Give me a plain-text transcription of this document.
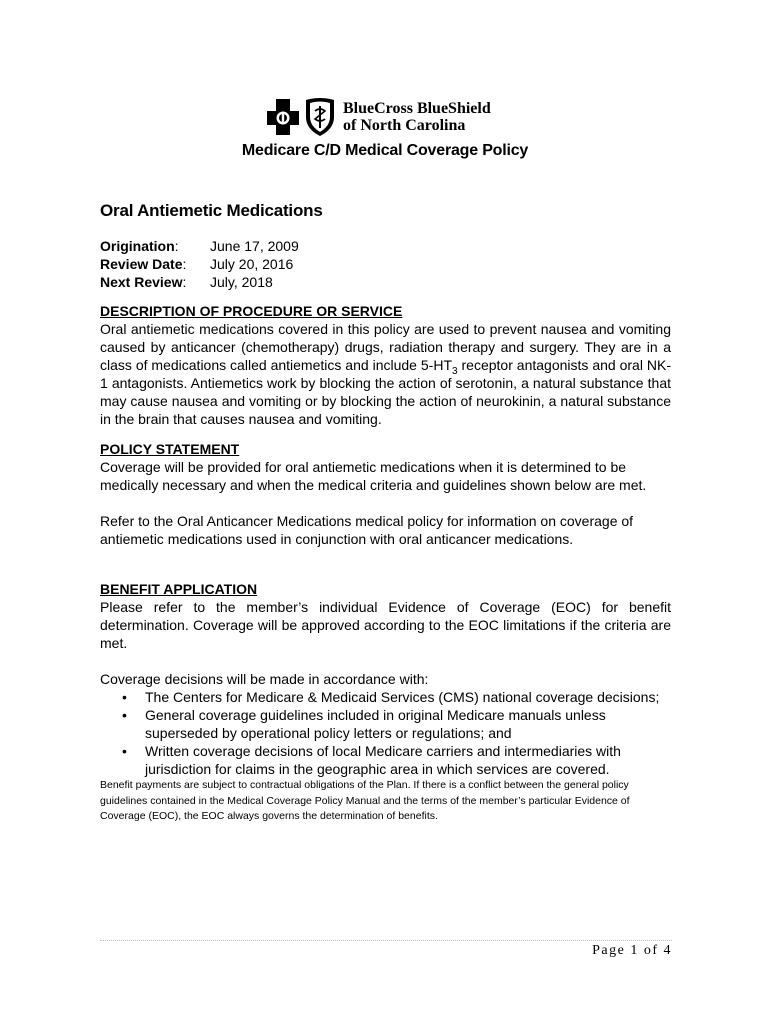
BlueCross BlueShield
of North Carolina
Medicare C/D Medical Coverage Policy
Oral Antiemetic Medications
Origination:	June 17, 2009
Review Date:	July 20, 2016
Next Review:	July, 2018
DESCRIPTION OF PROCEDURE OR SERVICE

Oral antiemetic medications covered in this policy are used to prevent nausea and vomiting caused by anticancer (chemotherapy) drugs, radiation therapy and surgery. They are in a class of medications called antiemetics and include $5-HT_3$ receptor antagonists and oral NK-1 antagonists. Antiemetics work by blocking the action of serotonin, a natural substance that may cause nausea and vomiting or by blocking the action of neurokinin, a natural substance in the brain that causes nausea and vomiting.

POLICY STATEMENT

Coverage will be provided for oral antiemetic medications when it is determined to be medically necessary and when the medical criteria and guidelines shown below are met.

Refer to the Oral Anticancer Medications medical policy for information on coverage of antiemetic medications used in conjunction with oral anticancer medications.

BENEFIT APPLICATION

Please refer to the member’s individual Evidence of Coverage (EOC) for benefit determination. Coverage will be approved according to the EOC limitations if the criteria are met.

Coverage decisions will be made in accordance with:

• The Centers for Medicare & Medicaid Services (CMS) national coverage decisions;
• General coverage guidelines included in original Medicare manuals unless superseded by operational policy letters or regulations; and
• Written coverage decisions of local Medicare carriers and intermediaries with jurisdiction for claims in the geographic area in which services are covered.

Benefit payments are subject to contractual obligations of the Plan. If there is a conflict between the general policy guidelines contained in the Medical Coverage Policy Manual and the terms of the member’s particular Evidence of Coverage (EOC), the EOC always governs the determination of benefits.

Page 1 of 4
